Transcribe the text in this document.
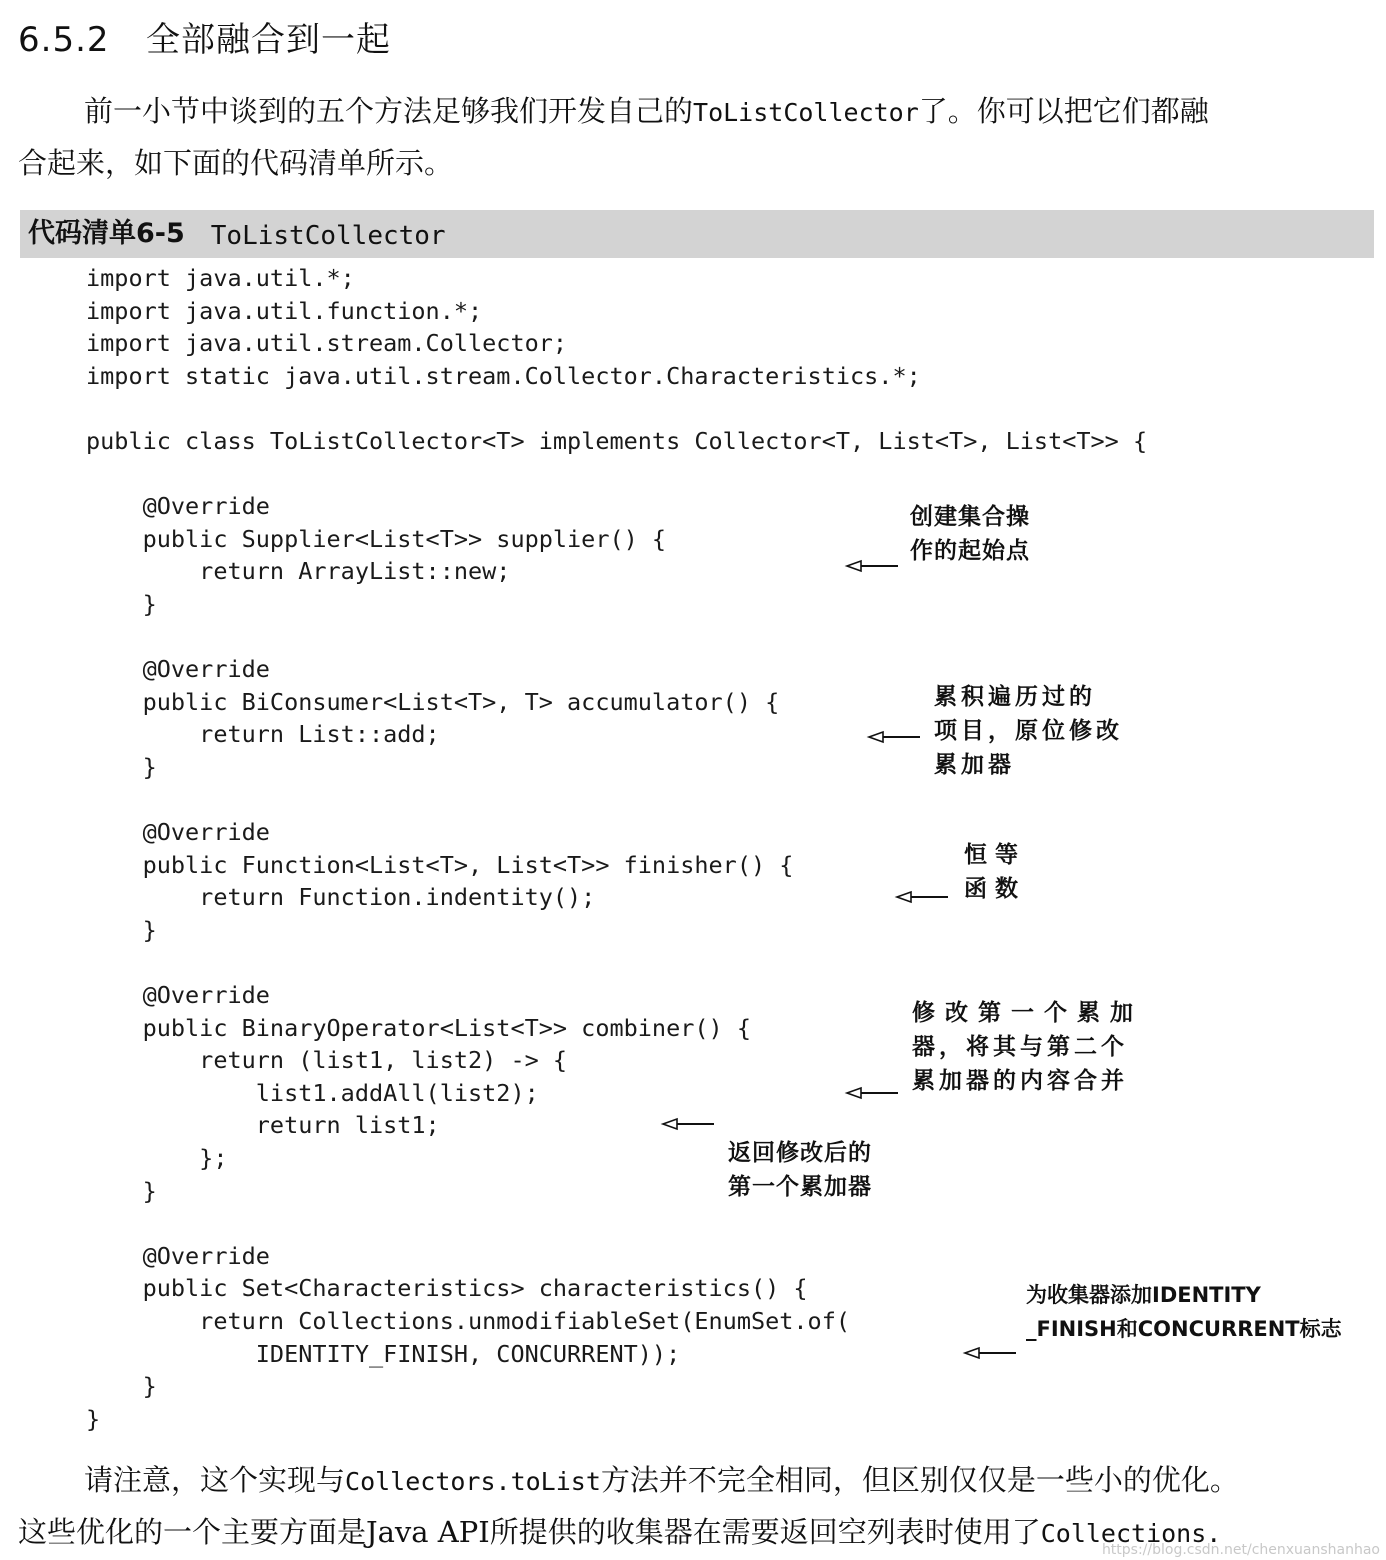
6.5.2 全部融合到一起

前一小节中谈到的五个方法足够我们开发自己的ToListCollector了。你可以把它们都融
合起来，如下面的代码清单所示。

代码清单6-5 ToListCollector
import java.util.*;
import java.util.function.*;
import java.util.stream.Collector;
import static java.util.stream.Collector.Characteristics.*;
public class ToListCollector<T> implements Collector<T, List<T>, List<T>> {
@Override
public Supplier<List<T>> supplier() {
return ArrayList::new;
}
@Override
public BiConsumer<List<T>, T> accumulator() {
return List::add;
}
@Override
public Function<List<T>, List<T>> finisher() {
return Function.indentity();
}
@Override
public BinaryOperator<List<T>> combiner() {
return (list1, list2) -> {
list1.addAll(list2);
return list1;
};
}
@Override
public Set<Characteristics> characteristics() {
return Collections.unmodifiableSet(EnumSet.of(
IDENTITY_FINISH, CONCURRENT));
}
}
创建集合操
作的起始点
累积遍历过的
项目，原位修改
累加器
恒等
函数
修改第一个累加
器，将其与第二个
累加器的内容合并
返回修改后的
第一个累加器
为收集器添加IDENTITY
_FINISH和CONCURRENT标志

请注意，这个实现与Collectors.toList方法并不完全相同，但区别仅仅是一些小的优化。
这些优化的一个主要方面是Java API所提供的收集器在需要返回空列表时使用了Collections.

https://blog.csdn.net/chenxuanshanhao
